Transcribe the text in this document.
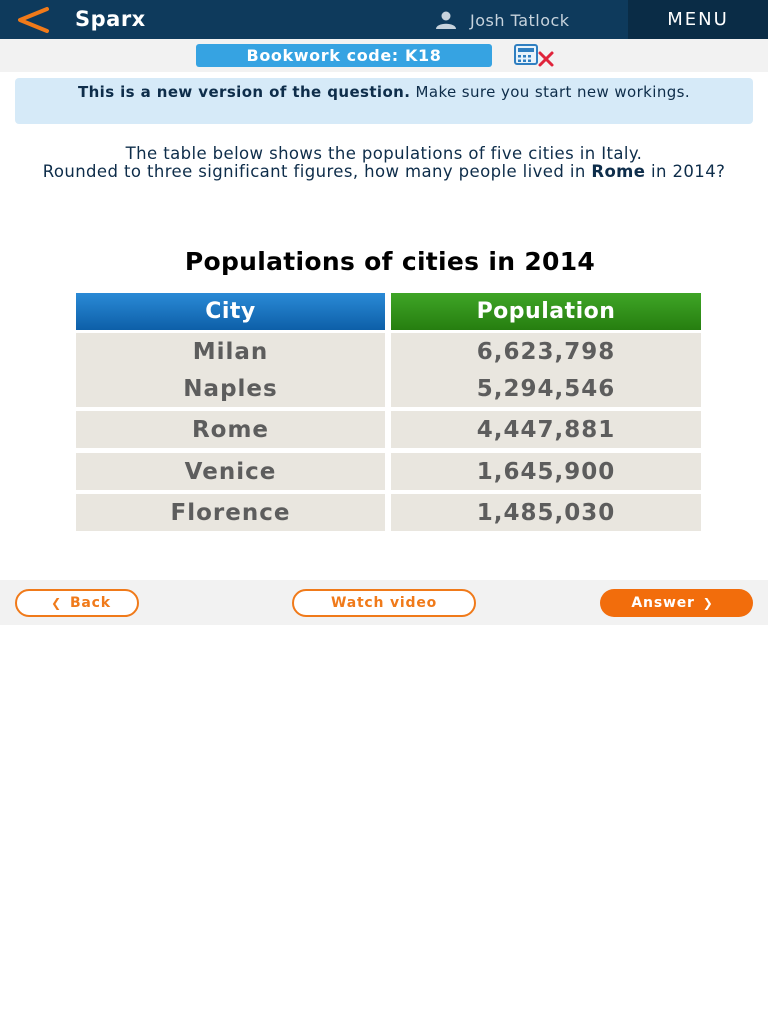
Sparx	Josh Tatlock	MENU
Bookwork code: K18
This is a new version of the question. Make sure you start new workings.
The table below shows the populations of five cities in Italy.
Rounded to three significant figures, how many people lived in Rome in 2014?
Populations of cities in 2014
City	Population
Milan	6,623,798
Naples	5,294,546
Rome	4,447,881
Venice	1,645,900
Florence	1,485,030
❮ Back	Watch video	Answer ❯
